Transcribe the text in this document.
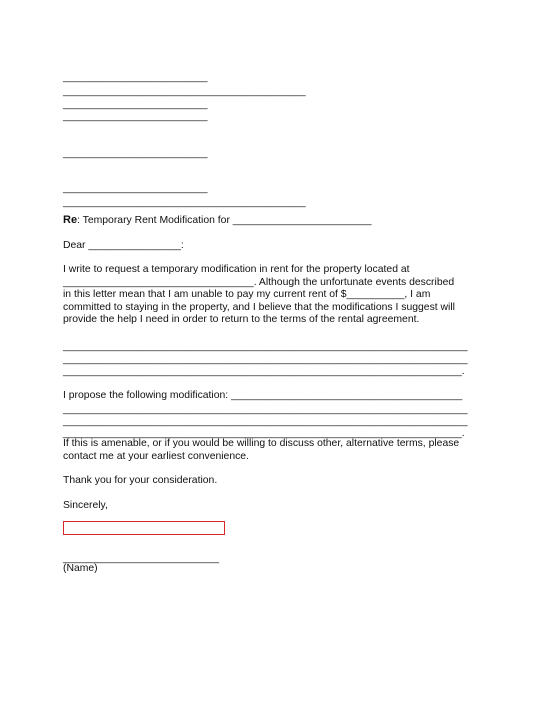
_________________________
__________________________________________
_________________________
_________________________
_________________________
_________________________
__________________________________________
Re: Temporary Rent Modification for ________________________
Dear ________________:
I write to request a temporary modification in rent for the property located at
_________________________________. Although the unfortunate events described
in this letter mean that I am unable to pay my current rent of $__________, I am
committed to staying in the property, and I believe that the modifications I suggest will
provide the help I need in order to return to the terms of the rental agreement.
______________________________________________________________________
______________________________________________________________________
_____________________________________________________________________.
I propose the following modification: ________________________________________
______________________________________________________________________
______________________________________________________________________
_____________________________________________________________________.
If this is amenable, or if you would be willing to discuss other, alternative terms, please
contact me at your earliest convenience.
Thank you for your consideration.
Sincerely,
___________________________
(Name)
